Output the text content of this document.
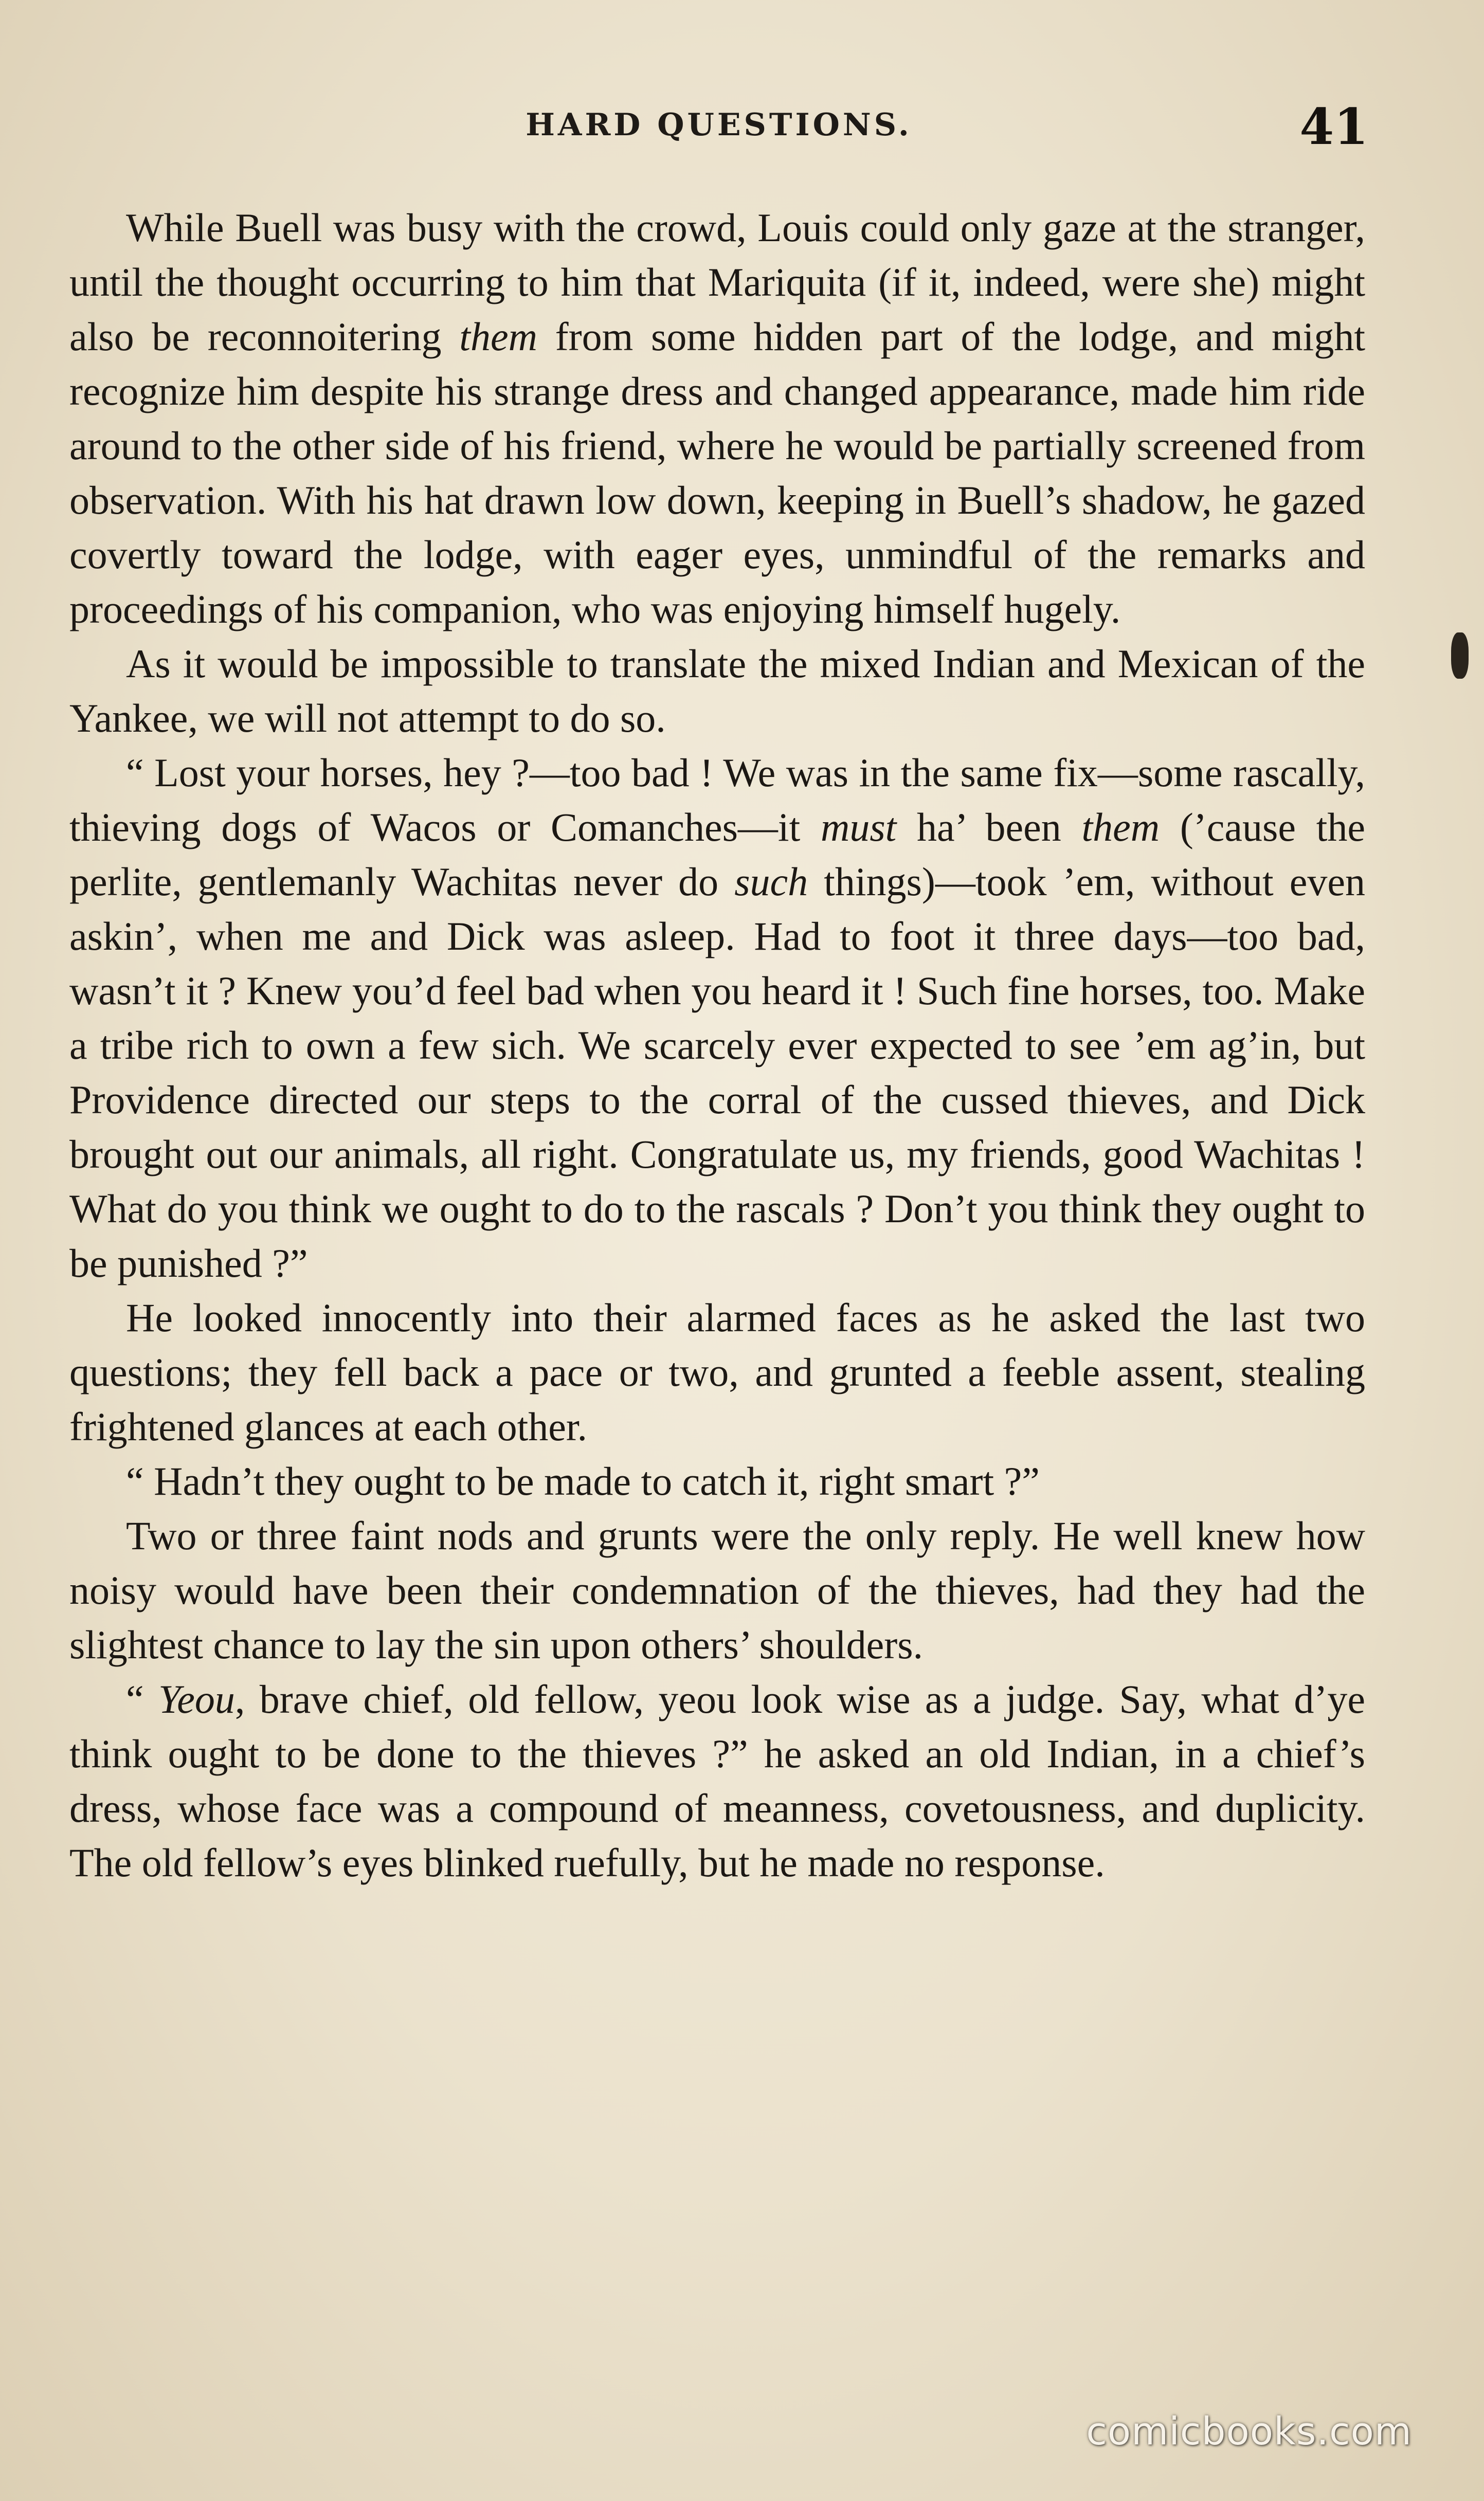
HARD QUESTIONS.	41

While Buell was busy with the crowd, Louis could only gaze at the stranger, until the thought occurring to him that Mariquita (if it, indeed, were she) might also be reconnoitering them from some hidden part of the lodge, and might recognize him despite his strange dress and changed appearance, made him ride around to the other side of his friend, where he would be partially screened from observation. With his hat drawn low down, keeping in Buell’s shadow, he gazed covertly toward the lodge, with eager eyes, unmindful of the remarks and proceedings of his companion, who was enjoying himself hugely.

As it would be impossible to translate the mixed Indian and Mexican of the Yankee, we will not attempt to do so.

“ Lost your horses, hey ?—too bad ! We was in the same fix—some rascally, thieving dogs of Wacos or Comanches—it must ha’ been them (’cause the perlite, gentlemanly Wachitas never do such things)—took ’em, without even askin’, when me and Dick was asleep. Had to foot it three days—too bad, wasn’t it ? Knew you’d feel bad when you heard it ! Such fine horses, too. Make a tribe rich to own a few sich. We scarcely ever expected to see ’em ag’in, but Providence directed our steps to the corral of the cussed thieves, and Dick brought out our animals, all right. Congratulate us, my friends, good Wachitas ! What do you think we ought to do to the rascals ? Don’t you think they ought to be punished ?”

He looked innocently into their alarmed faces as he asked the last two questions; they fell back a pace or two, and grunted a feeble assent, stealing frightened glances at each other.

“ Hadn’t they ought to be made to catch it, right smart ?”

Two or three faint nods and grunts were the only reply. He well knew how noisy would have been their condemnation of the thieves, had they had the slightest chance to lay the sin upon others’ shoulders.

“ Yeou, brave chief, old fellow, yeou look wise as a judge. Say, what d’ye think ought to be done to the thieves ?” he asked an old Indian, in a chief’s dress, whose face was a compound of meanness, covetousness, and duplicity. The old fellow’s eyes blinked ruefully, but he made no response.

comicbooks.com
